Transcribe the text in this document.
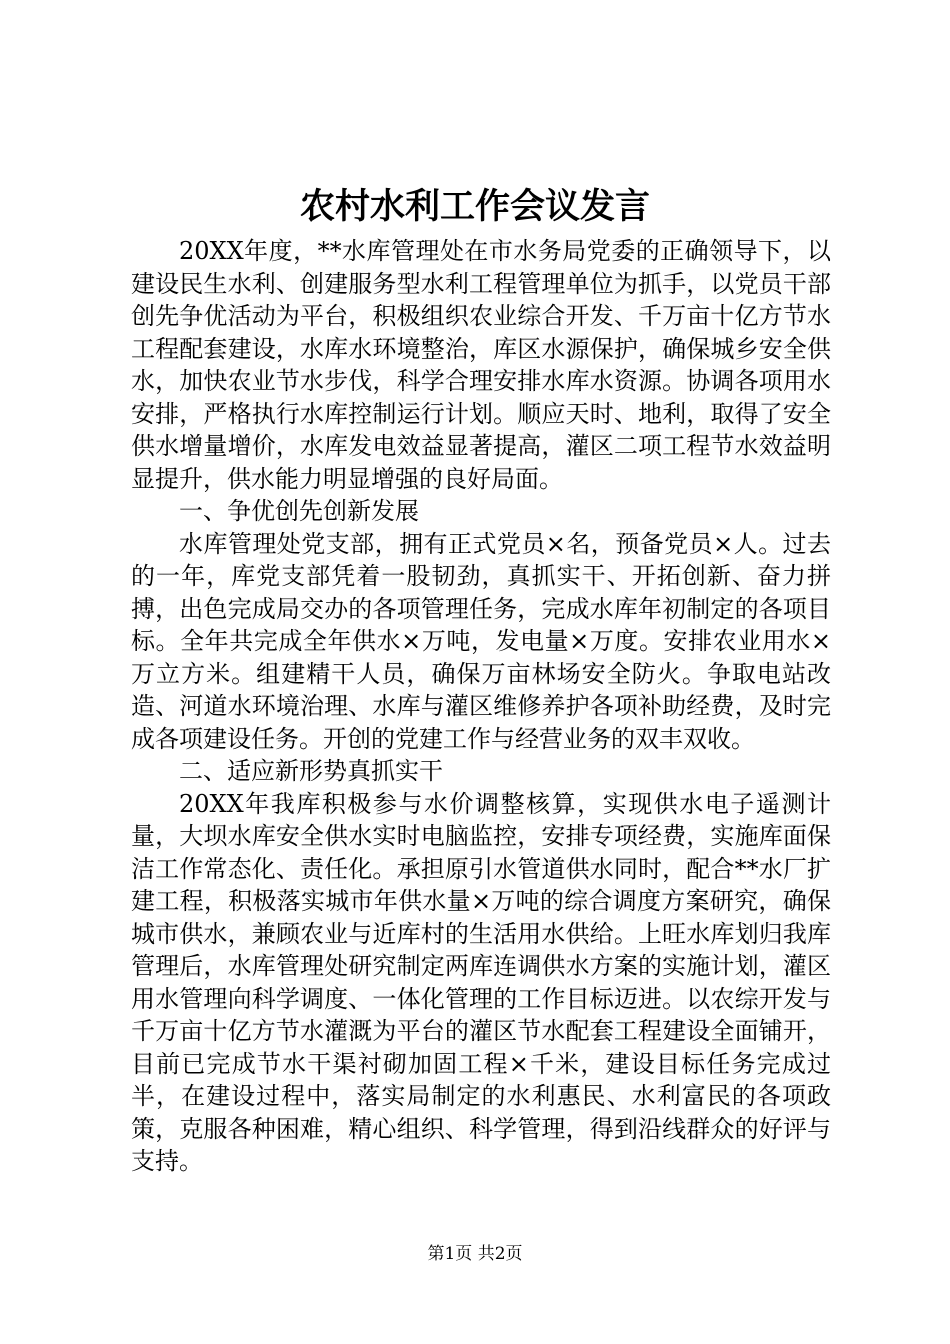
农村水利工作会议发言

20XX年度，**水库管理处在市水务局党委的正确领导下，以建设民生水利、创建服务型水利工程管理单位为抓手，以党员干部创先争优活动为平台，积极组织农业综合开发、千万亩十亿方节水工程配套建设，水库水环境整治，库区水源保护，确保城乡安全供水，加快农业节水步伐，科学合理安排水库水资源。协调各项用水安排，严格执行水库控制运行计划。顺应天时、地利，取得了安全供水增量增价，水库发电效益显著提高，灌区二项工程节水效益明显提升，供水能力明显增强的良好局面。

一、争优创先创新发展

水库管理处党支部，拥有正式党员×名，预备党员×人。过去的一年，库党支部凭着一股韧劲，真抓实干、开拓创新、奋力拼搏，出色完成局交办的各项管理任务，完成水库年初制定的各项目标。全年共完成全年供水×万吨，发电量×万度。安排农业用水×万立方米。组建精干人员，确保万亩林场安全防火。争取电站改造、河道水环境治理、水库与灌区维修养护各项补助经费，及时完成各项建设任务。开创的党建工作与经营业务的双丰双收。

二、适应新形势真抓实干

20XX年我库积极参与水价调整核算，实现供水电子遥测计量，大坝水库安全供水实时电脑监控，安排专项经费，实施库面保洁工作常态化、责任化。承担原引水管道供水同时，配合**水厂扩建工程，积极落实城市年供水量×万吨的综合调度方案研究，确保城市供水，兼顾农业与近库村的生活用水供给。上旺水库划归我库管理后，水库管理处研究制定两库连调供水方案的实施计划，灌区用水管理向科学调度、一体化管理的工作目标迈进。以农综开发与千万亩十亿方节水灌溉为平台的灌区节水配套工程建设全面铺开，目前已完成节水干渠衬砌加固工程×千米，建设目标任务完成过半，在建设过程中，落实局制定的水利惠民、水利富民的各项政策，克服各种困难，精心组织、科学管理，得到沿线群众的好评与支持。

第1页 共2页
